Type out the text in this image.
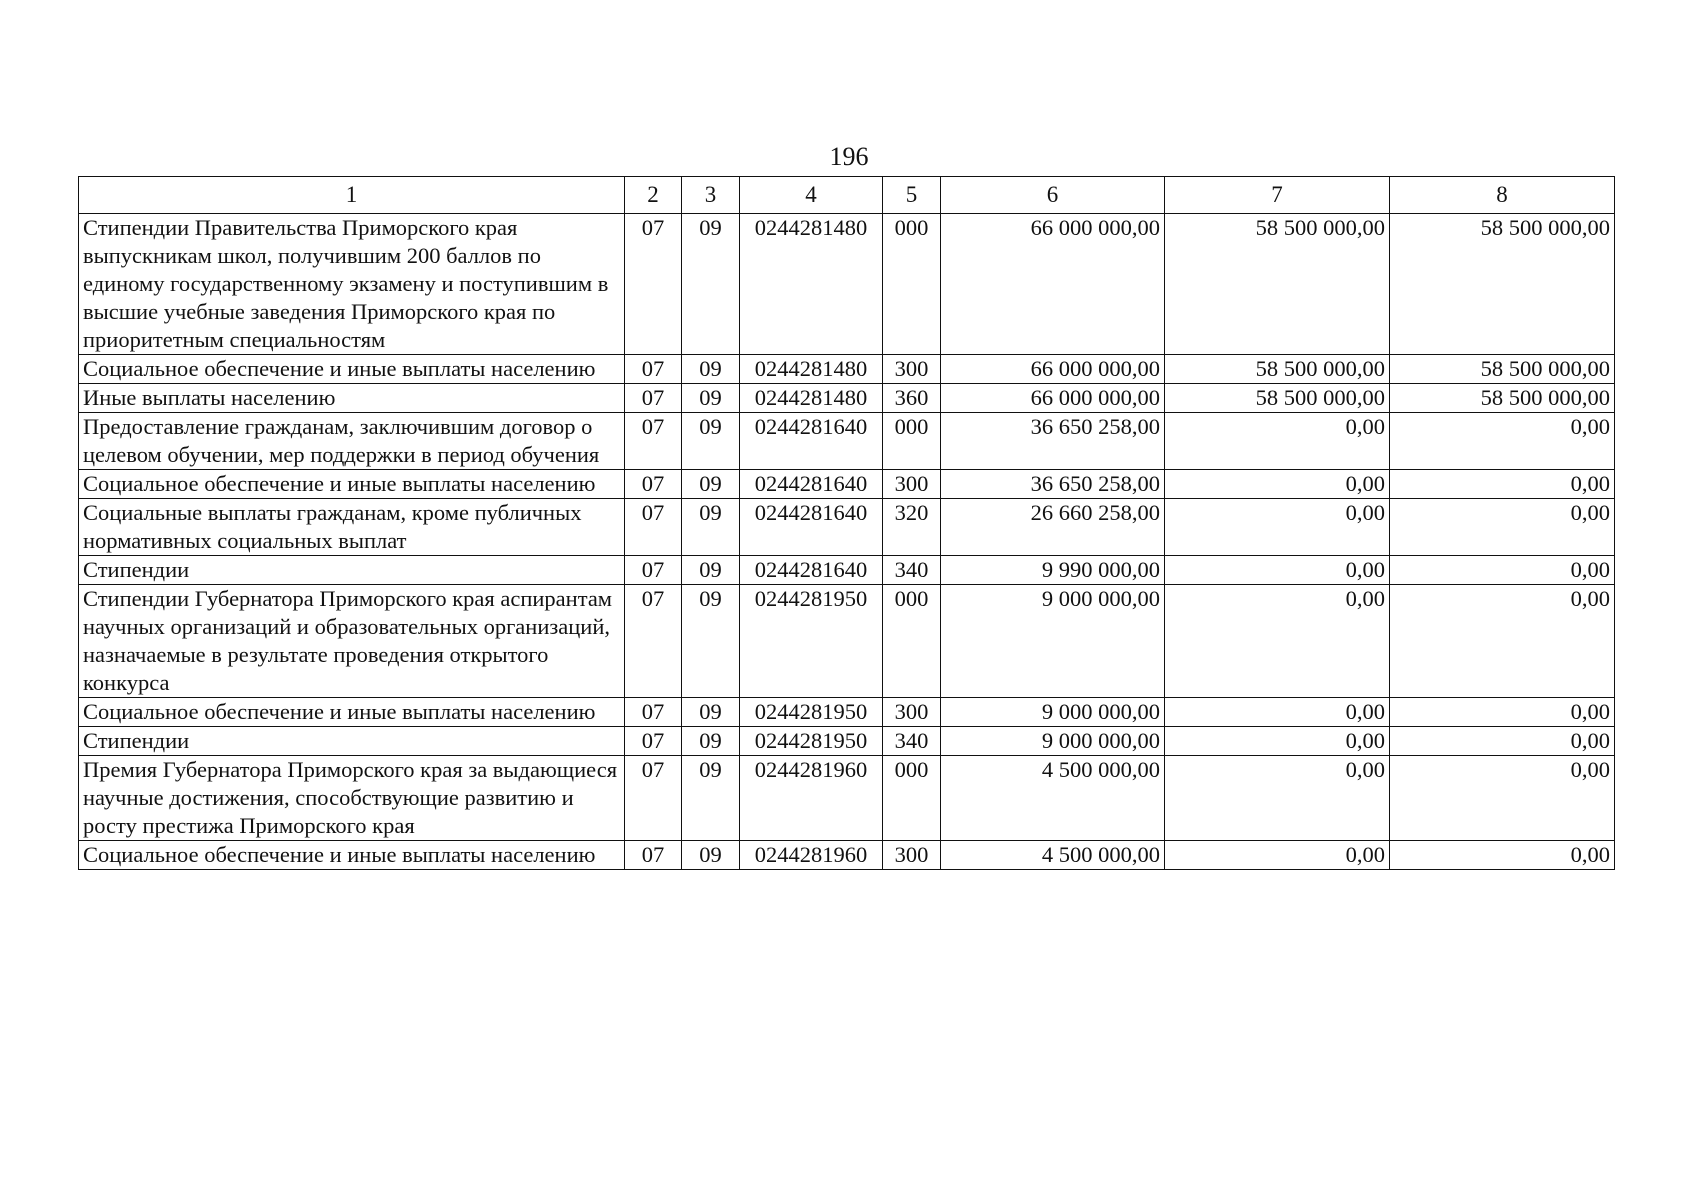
196
1	2	3	4	5	6	7	8
Стипендии Правительства Приморского края выпускникам школ, получившим 200 баллов по единому государственному экзамену и поступившим в высшие учебные заведения Приморского края по приоритетным специальностям	07	09	0244281480	000	66 000 000,00	58 500 000,00	58 500 000,00
Социальное обеспечение и иные выплаты населению	07	09	0244281480	300	66 000 000,00	58 500 000,00	58 500 000,00
Иные выплаты населению	07	09	0244281480	360	66 000 000,00	58 500 000,00	58 500 000,00
Предоставление гражданам, заключившим договор о целевом обучении, мер поддержки в период обучения	07	09	0244281640	000	36 650 258,00	0,00	0,00
Социальное обеспечение и иные выплаты населению	07	09	0244281640	300	36 650 258,00	0,00	0,00
Социальные выплаты гражданам, кроме публичных нормативных социальных выплат	07	09	0244281640	320	26 660 258,00	0,00	0,00
Стипендии	07	09	0244281640	340	9 990 000,00	0,00	0,00
Стипендии Губернатора Приморского края аспирантам научных организаций и образовательных организаций, назначаемые в результате проведения открытого конкурса	07	09	0244281950	000	9 000 000,00	0,00	0,00
Социальное обеспечение и иные выплаты населению	07	09	0244281950	300	9 000 000,00	0,00	0,00
Стипендии	07	09	0244281950	340	9 000 000,00	0,00	0,00
Премия Губернатора Приморского края за выдающиеся научные достижения, способствующие развитию и росту престижа Приморского края	07	09	0244281960	000	4 500 000,00	0,00	0,00
Социальное обеспечение и иные выплаты населению	07	09	0244281960	300	4 500 000,00	0,00	0,00
